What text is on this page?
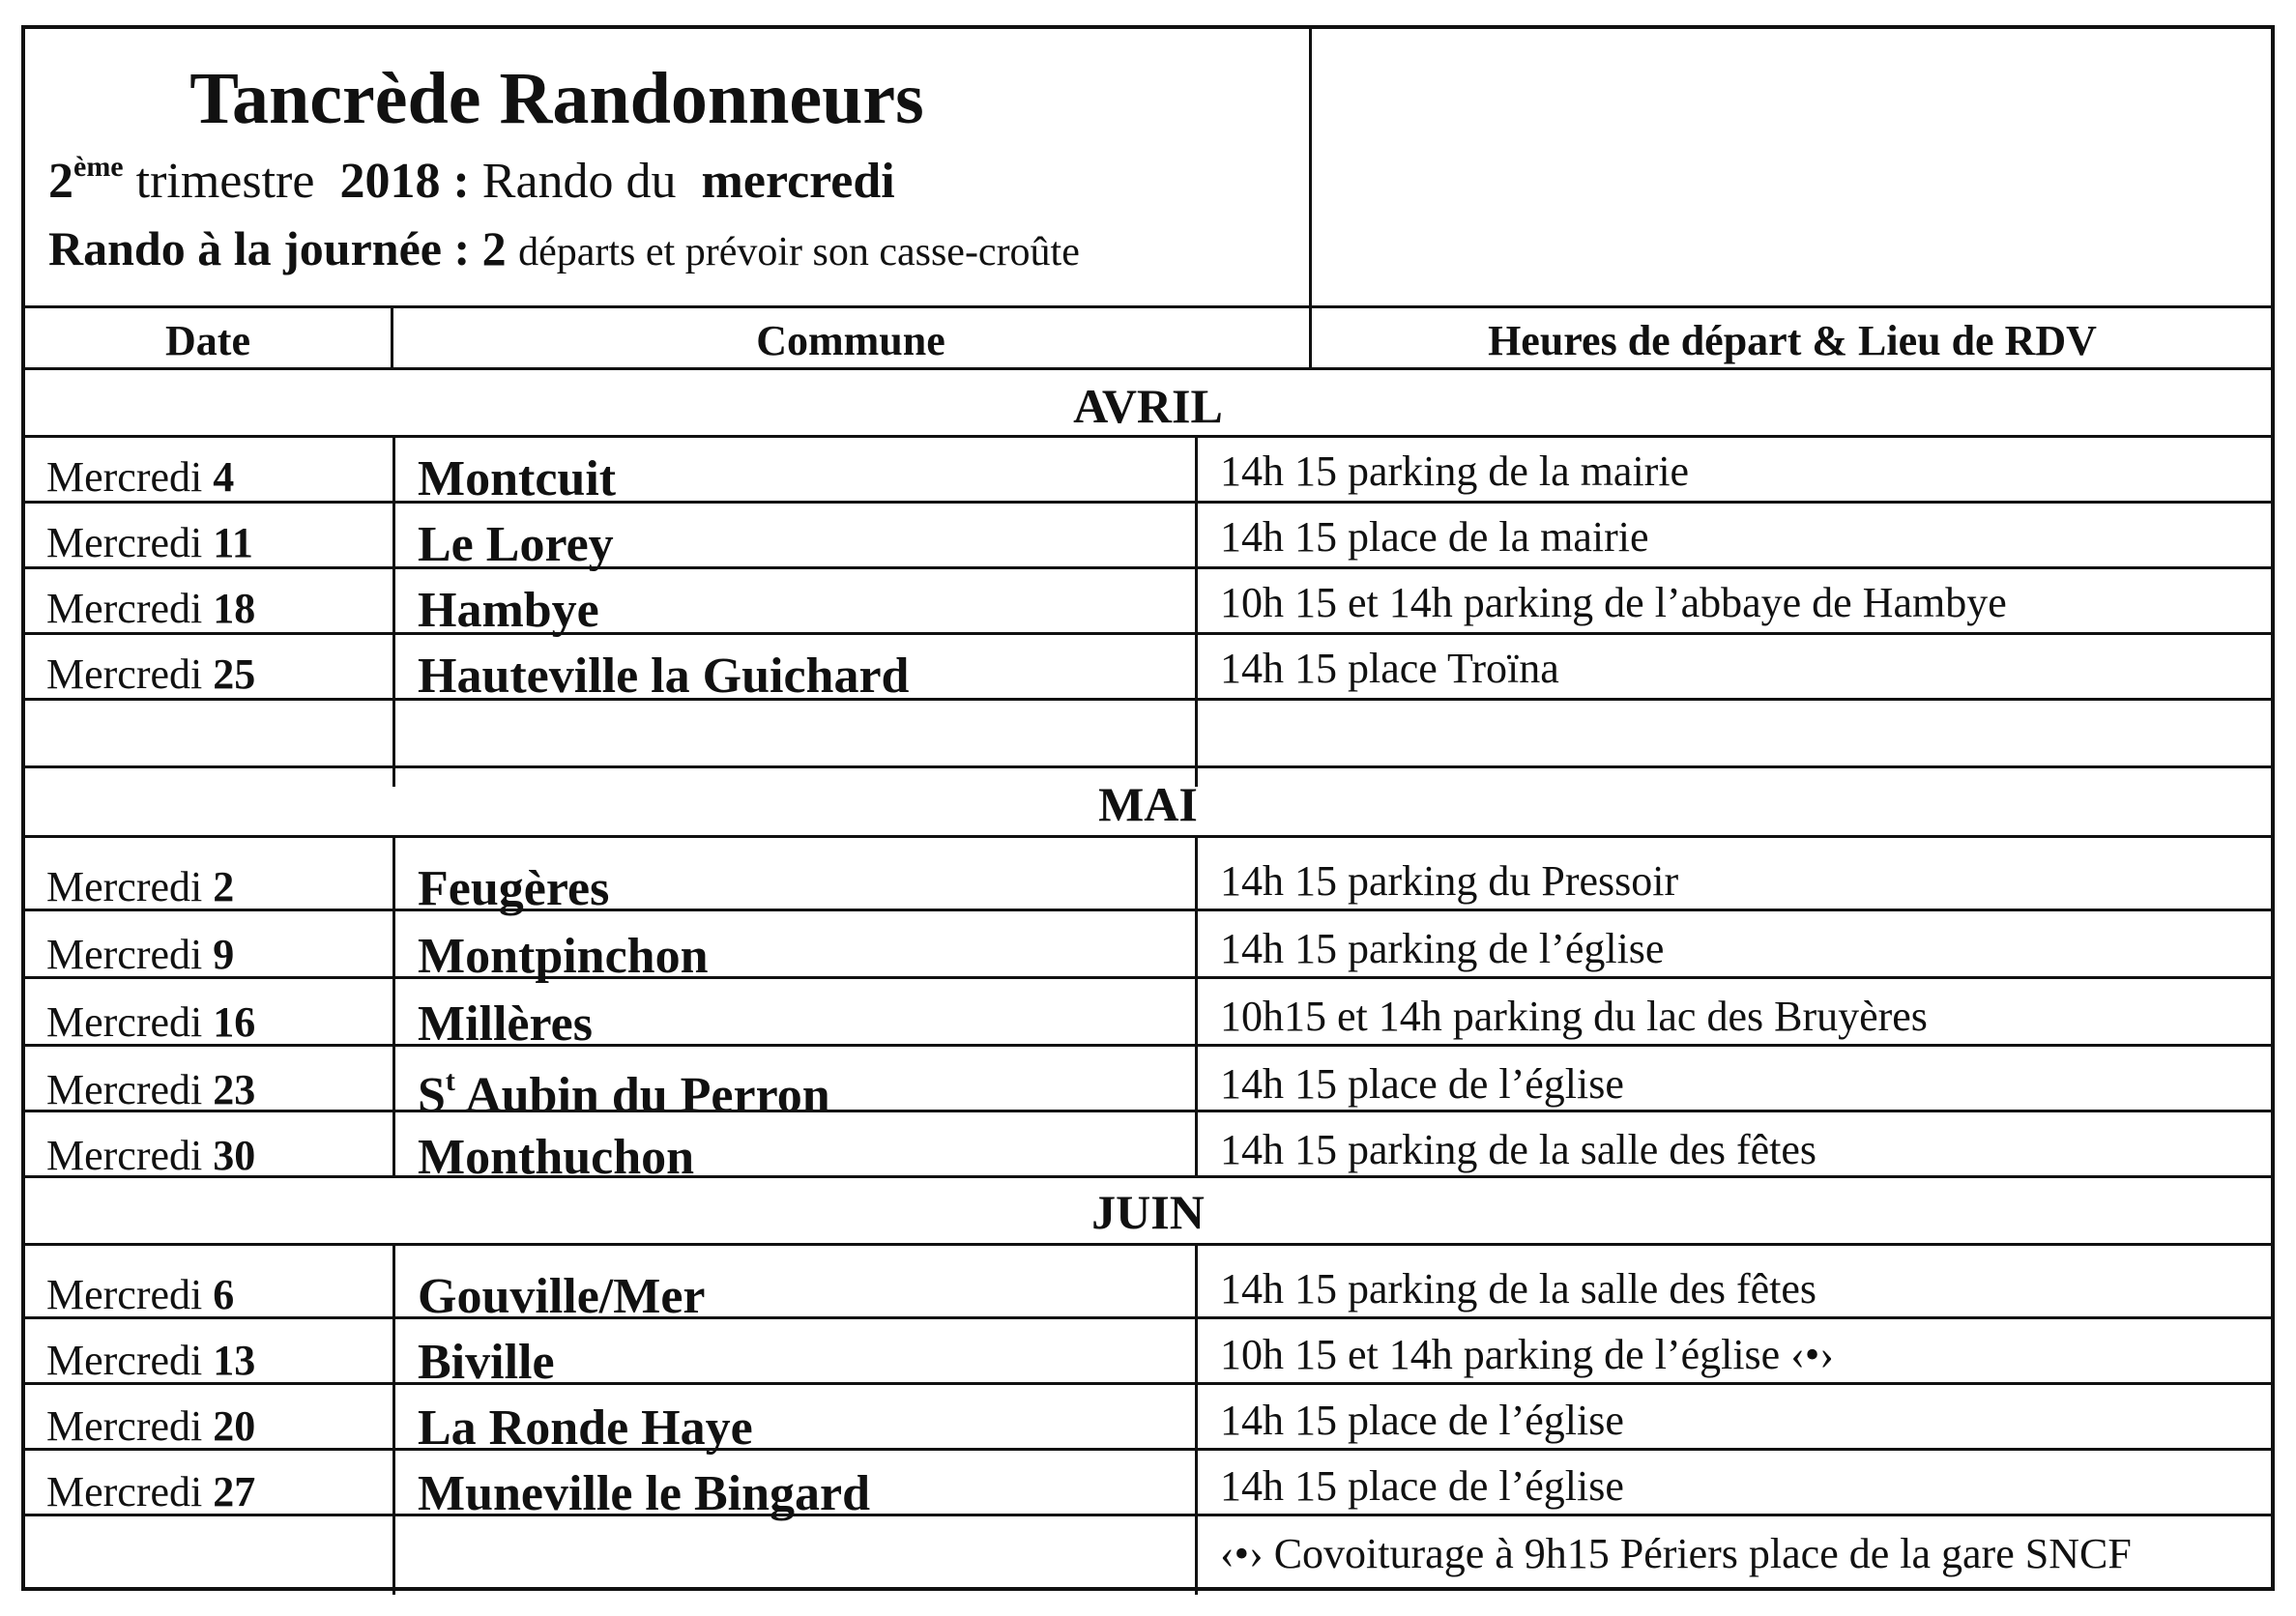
Tancrède Randonneurs
2ème trimestre 2018 : Rando du mercredi
Rando à la journée : 2 départs et prévoir son casse-croûte
Date	Commune	Heures de départ & Lieu de RDV
AVRIL
Mercredi 4	Montcuit	14h 15 parking de la mairie
Mercredi 11	Le Lorey	14h 15 place de la mairie
Mercredi 18	Hambye	10h 15 et 14h parking de l’abbaye de Hambye
Mercredi 25	Hauteville la Guichard	14h 15 place Troïna
MAI
Mercredi 2	Feugères	14h 15 parking du Pressoir
Mercredi 9	Montpinchon	14h 15 parking de l’église
Mercredi 16	Millères	10h15 et 14h parking du lac des Bruyères
Mercredi 23	$S^t$ Aubin du Perron	14h 15 place de l’église
Mercredi 30	Monthuchon	14h 15 parking de la salle des fêtes
JUIN
Mercredi 6	Gouville/Mer	14h 15 parking de la salle des fêtes
Mercredi 13	Biville	10h 15 et 14h parking de l’église ‹•›
Mercredi 20	La Ronde Haye	14h 15 place de l’église
Mercredi 27	Muneville le Bingard	14h 15 place de l’église
‹•› Covoiturage à 9h15 Périers place de la gare SNCF
